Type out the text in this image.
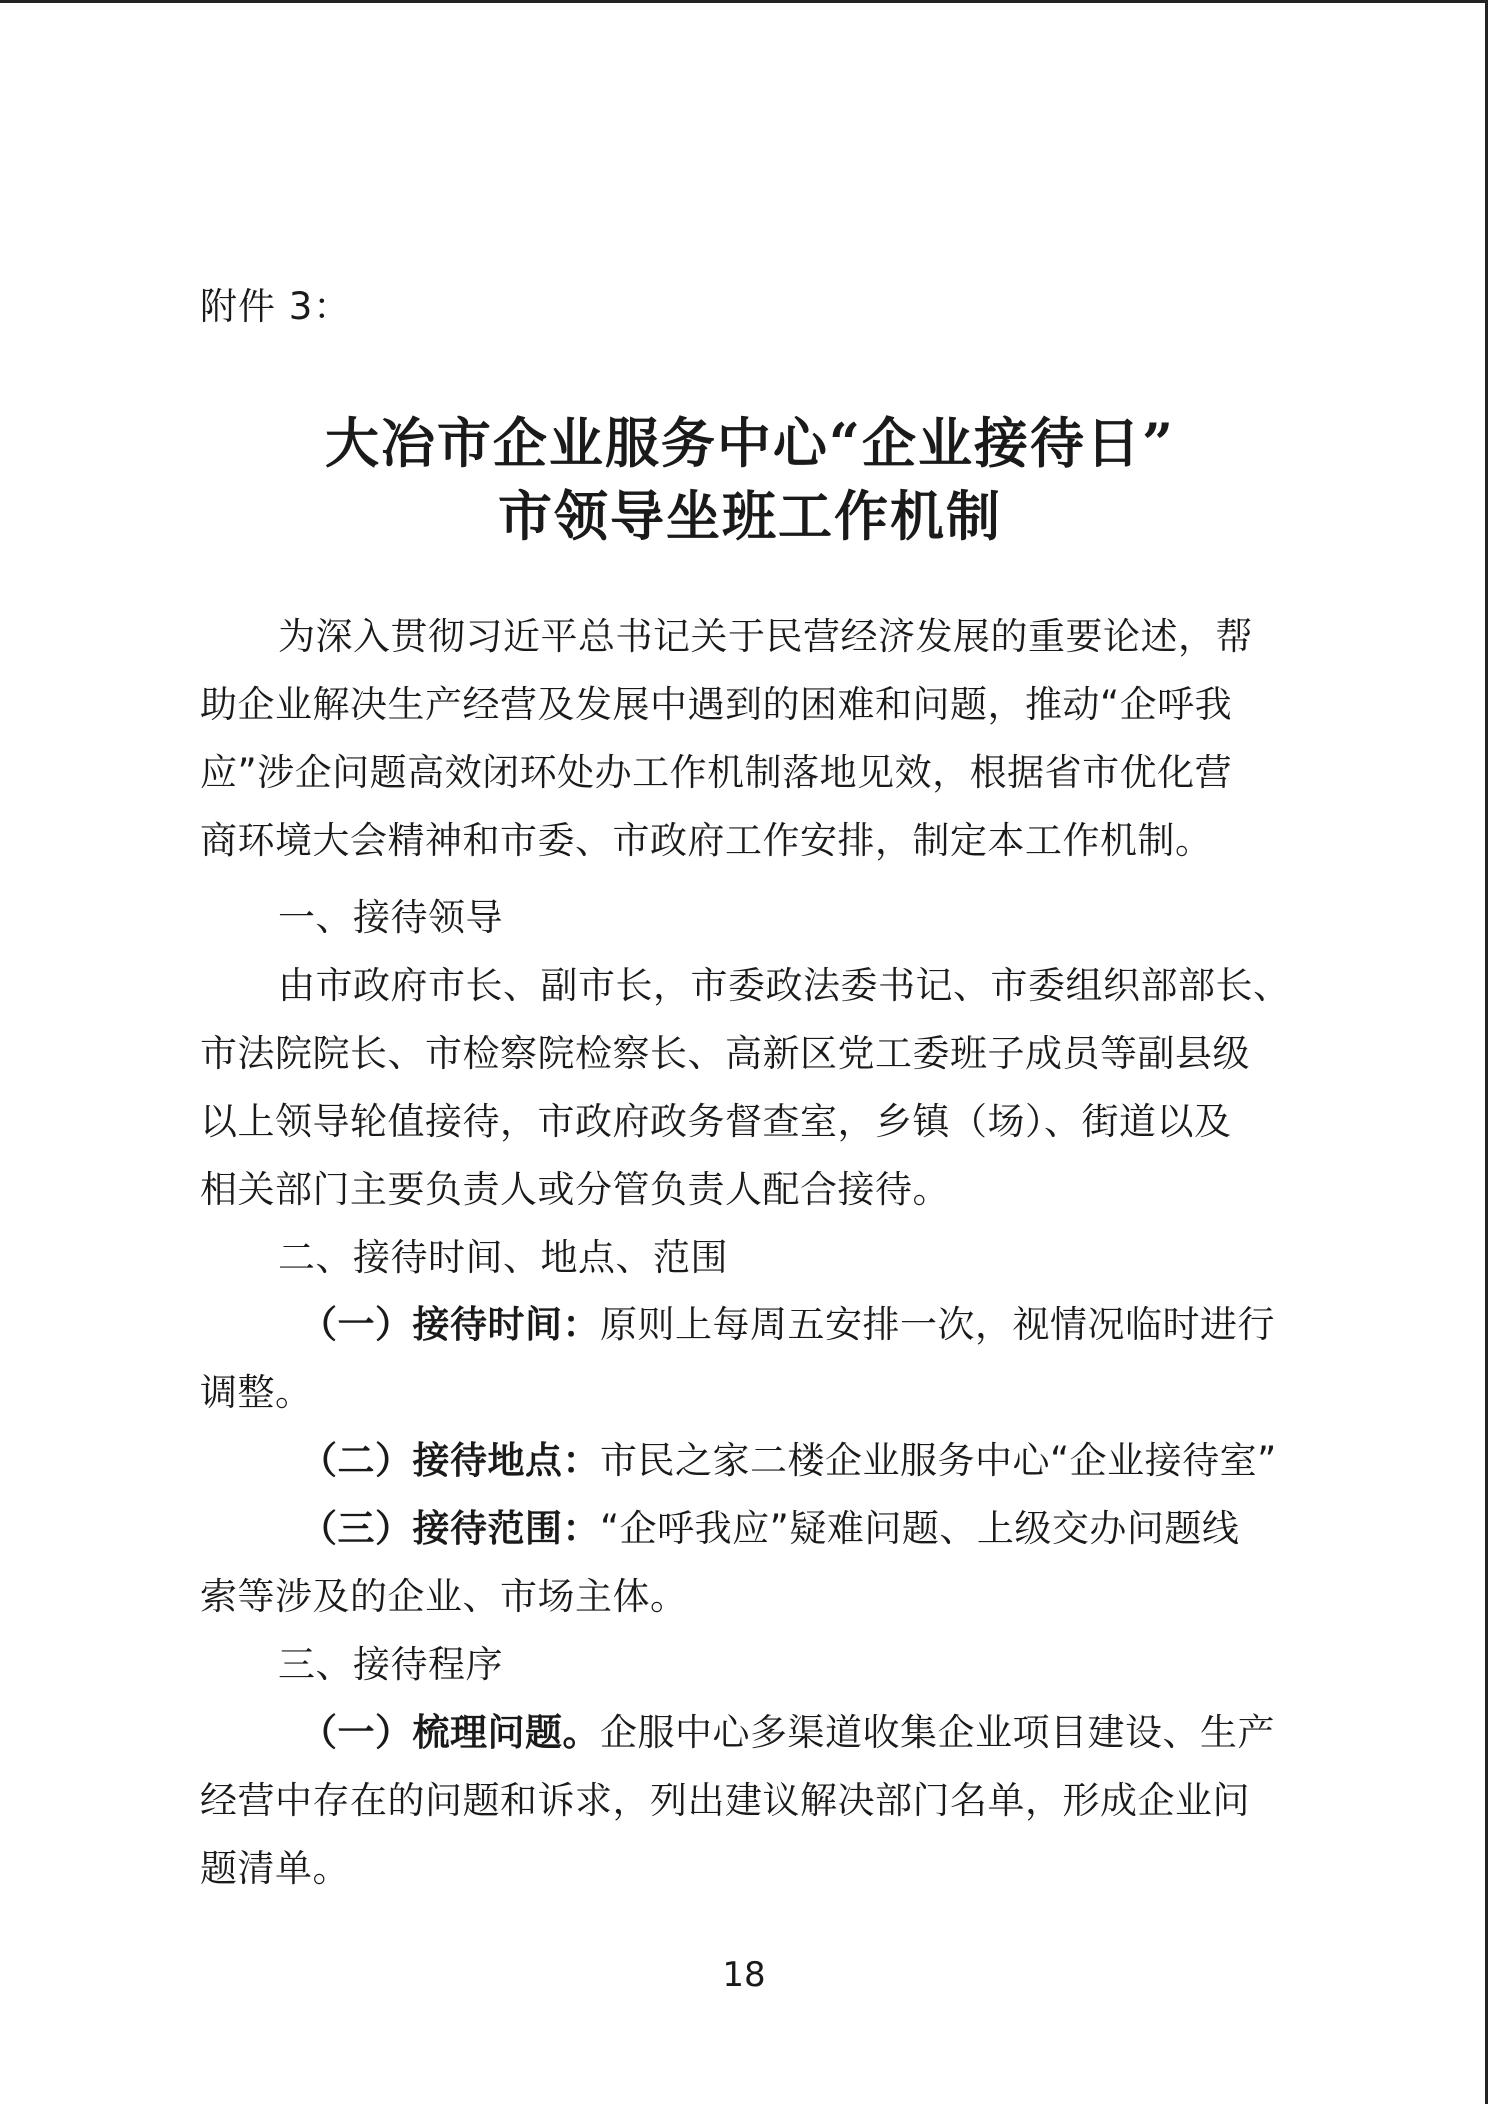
附件 3：
大冶市企业服务中心“企业接待日”
市领导坐班工作机制
为深入贯彻习近平总书记关于民营经济发展的重要论述，帮
助企业解决生产经营及发展中遇到的困难和问题，推动“企呼我
应”涉企问题高效闭环处办工作机制落地见效，根据省市优化营
商环境大会精神和市委、市政府工作安排，制定本工作机制。
一、接待领导
由市政府市长、副市长，市委政法委书记、市委组织部部长、
市法院院长、市检察院检察长、高新区党工委班子成员等副县级
以上领导轮值接待，市政府政务督查室，乡镇（场）、街道以及
相关部门主要负责人或分管负责人配合接待。
二、接待时间、地点、范围
（一）接待时间：原则上每周五安排一次，视情况临时进行
调整。
（二）接待地点：市民之家二楼企业服务中心“企业接待室”
（三）接待范围：“企呼我应”疑难问题、上级交办问题线
索等涉及的企业、市场主体。
三、接待程序
（一）梳理问题。企服中心多渠道收集企业项目建设、生产
经营中存在的问题和诉求，列出建议解决部门名单，形成企业问
题清单。
18
